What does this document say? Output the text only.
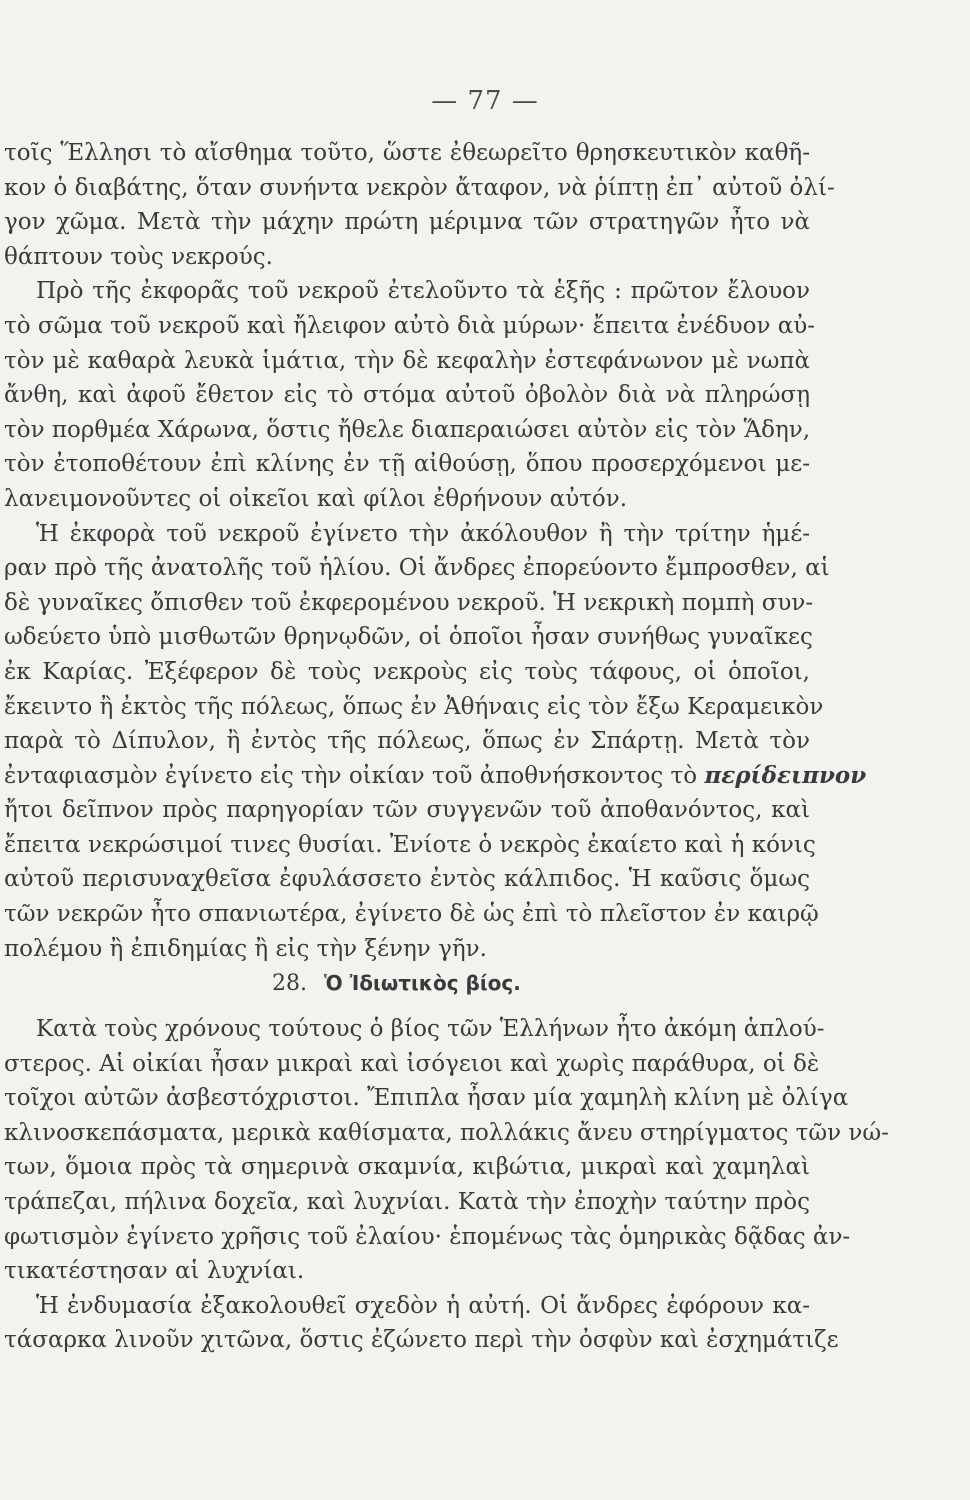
— 77 —
τοῖς Ἕλλησι τὸ αἴσθημα τοῦτο, ὥστε ἐθεωρεῖτο θρησκευτικὸν καθῆ-
κον ὁ διαβάτης, ὅταν συνήντα νεκρὸν ἄταφον, νὰ ῥίπτῃ ἐπ᾽ αὐτοῦ ὀλί-
γον χῶμα. Μετὰ τὴν μάχην πρώτη μέριμνα τῶν στρατηγῶν ἦτο νὰ
θάπτουν τοὺς νεκρούς.
Πρὸ τῆς ἐκφορᾶς τοῦ νεκροῦ ἐτελοῦντο τὰ ἑξῆς : πρῶτον ἔλουον
τὸ σῶμα τοῦ νεκροῦ καὶ ἤλειφον αὐτὸ διὰ μύρων· ἔπειτα ἐνέδυον αὐ-
τὸν μὲ καθαρὰ λευκὰ ἱμάτια, τὴν δὲ κεφαλὴν ἐστεφάνωνον μὲ νωπὰ
ἄνθη, καὶ ἀφοῦ ἔθετον εἰς τὸ στόμα αὐτοῦ ὀβολὸν διὰ νὰ πληρώσῃ
τὸν πορθμέα Χάρωνα, ὅστις ἤθελε διαπεραιώσει αὐτὸν εἰς τὸν Ἅδην,
τὸν ἐτοποθέτουν ἐπὶ κλίνης ἐν τῇ αἰθούσῃ, ὅπου προσερχόμενοι με-
λανειμονοῦντες οἱ οἰκεῖοι καὶ φίλοι ἐθρήνουν αὐτόν.
Ἡ ἐκφορὰ τοῦ νεκροῦ ἐγίνετο τὴν ἀκόλουθον ἢ τὴν τρίτην ἡμέ-
ραν πρὸ τῆς ἀνατολῆς τοῦ ἡλίου. Οἱ ἄνδρες ἐπορεύοντο ἔμπροσθεν, αἱ
δὲ γυναῖκες ὄπισθεν τοῦ ἐκφερομένου νεκροῦ. Ἡ νεκρικὴ πομπὴ συν-
ωδεύετο ὑπὸ μισθωτῶν θρηνῳδῶν, οἱ ὁποῖοι ἦσαν συνήθως γυναῖκες
ἐκ Καρίας. Ἐξέφερον δὲ τοὺς νεκροὺς εἰς τοὺς τάφους, οἱ ὁποῖοι,
ἔκειντο ἢ ἐκτὸς τῆς πόλεως, ὅπως ἐν Ἀθήναις εἰς τὸν ἔξω Κεραμεικὸν
παρὰ τὸ Δίπυλον, ἢ ἐντὸς τῆς πόλεως, ὅπως ἐν Σπάρτῃ. Μετὰ τὸν
ἐνταφιασμὸν ἐγίνετο εἰς τὴν οἰκίαν τοῦ ἀποθνήσκοντος τὸ περίδειπνον
ἤτοι δεῖπνον πρὸς παρηγορίαν τῶν συγγενῶν τοῦ ἀποθανόντος, καὶ
ἔπειτα νεκρώσιμοί τινες θυσίαι. Ἐνίοτε ὁ νεκρὸς ἐκαίετο καὶ ἡ κόνις
αὐτοῦ περισυναχθεῖσα ἐφυλάσσετο ἐντὸς κάλπιδος. Ἡ καῦσις ὅμως
τῶν νεκρῶν ἦτο σπανιωτέρα, ἐγίνετο δὲ ὡς ἐπὶ τὸ πλεῖστον ἐν καιρῷ
πολέμου ἢ ἐπιδημίας ἢ εἰς τὴν ξένην γῆν.
28. Ὁ Ἰδιωτικὸς βίος.
Κατὰ τοὺς χρόνους τούτους ὁ βίος τῶν Ἑλλήνων ἦτο ἀκόμη ἁπλού-
στερος. Αἱ οἰκίαι ἦσαν μικραὶ καὶ ἰσόγειοι καὶ χωρὶς παράθυρα, οἱ δὲ
τοῖχοι αὐτῶν ἀσβεστόχριστοι. Ἔπιπλα ἦσαν μία χαμηλὴ κλίνη μὲ ὀλίγα
κλινοσκεπάσματα, μερικὰ καθίσματα, πολλάκις ἄνευ στηρίγματος τῶν νώ-
των, ὅμοια πρὸς τὰ σημερινὰ σκαμνία, κιβώτια, μικραὶ καὶ χαμηλαὶ
τράπεζαι, πήλινα δοχεῖα, καὶ λυχνίαι. Κατὰ τὴν ἐποχὴν ταύτην πρὸς
φωτισμὸν ἐγίνετο χρῆσις τοῦ ἐλαίου· ἑπομένως τὰς ὁμηρικὰς δᾷδας ἀν-
τικατέστησαν αἱ λυχνίαι.
Ἡ ἐνδυμασία ἐξακολουθεῖ σχεδὸν ἡ αὐτή. Οἱ ἄνδρες ἐφόρουν κα-
τάσαρκα λινοῦν χιτῶνα, ὅστις ἐζώνετο περὶ τὴν ὀσφὺν καὶ ἐσχημάτιζε
